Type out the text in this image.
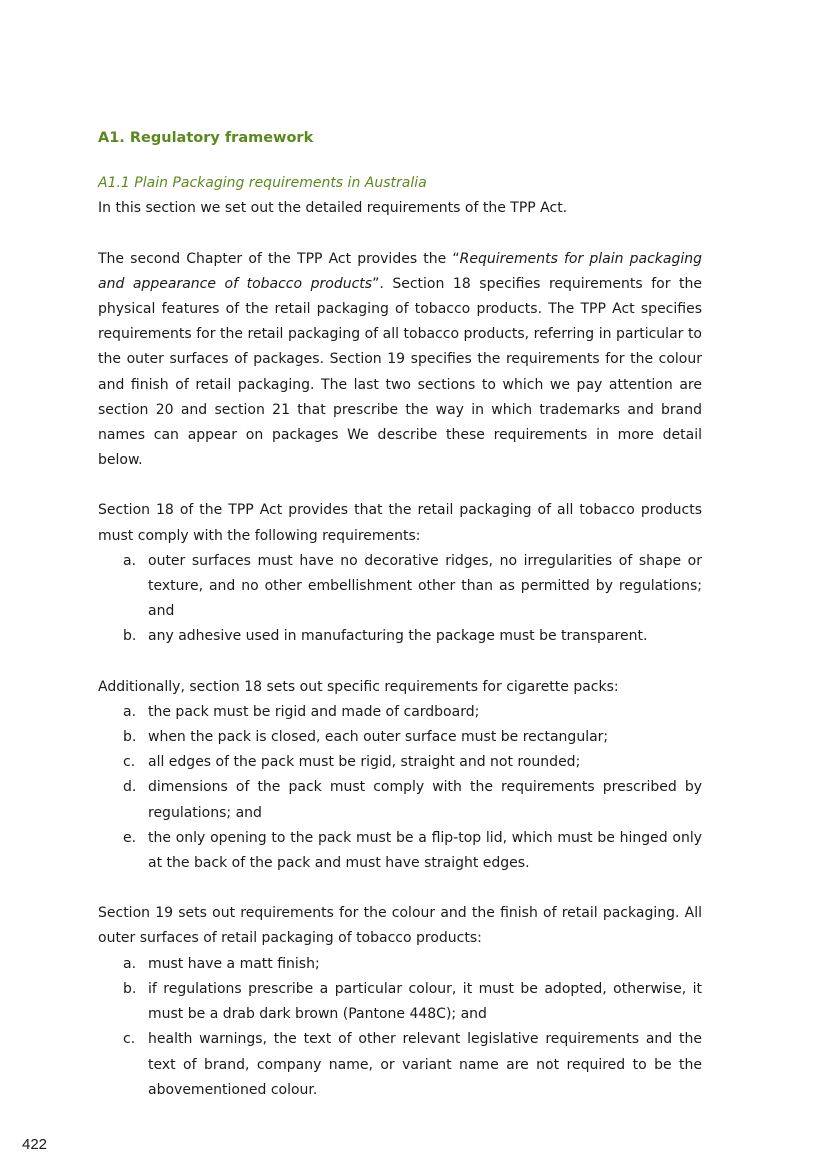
A1. Regulatory framework
A1.1 Plain Packaging requirements in Australia

In this section we set out the detailed requirements of the TPP Act.

The second Chapter of the TPP Act provides the “Requirements for plain packaging and appearance of tobacco products”. Section 18 specifies requirements for the physical features of the retail packaging of tobacco products. The TPP Act specifies requirements for the retail packaging of all tobacco products, referring in particular to the outer surfaces of packages. Section 19 specifies the requirements for the colour and finish of retail packaging. The last two sections to which we pay attention are section 20 and section 21 that prescribe the way in which trademarks and brand names can appear on packages We describe these requirements in more detail below.

Section 18 of the TPP Act provides that the retail packaging of all tobacco products must comply with the following requirements:

a. outer surfaces must have no decorative ridges, no irregularities of shape or texture, and no other embellishment other than as permitted by regulations; and
b. any adhesive used in manufacturing the package must be transparent.

Additionally, section 18 sets out specific requirements for cigarette packs:

a. the pack must be rigid and made of cardboard;
b. when the pack is closed, each outer surface must be rectangular;
c. all edges of the pack must be rigid, straight and not rounded;
d. dimensions of the pack must comply with the requirements prescribed by regulations; and
e. the only opening to the pack must be a flip-top lid, which must be hinged only at the back of the pack and must have straight edges.

Section 19 sets out requirements for the colour and the finish of retail packaging. All outer surfaces of retail packaging of tobacco products:

a. must have a matt finish;
b. if regulations prescribe a particular colour, it must be adopted, otherwise, it must be a drab dark brown (Pantone 448C); and
c. health warnings, the text of other relevant legislative requirements and the text of brand, company name, or variant name are not required to be the abovementioned colour.
422
